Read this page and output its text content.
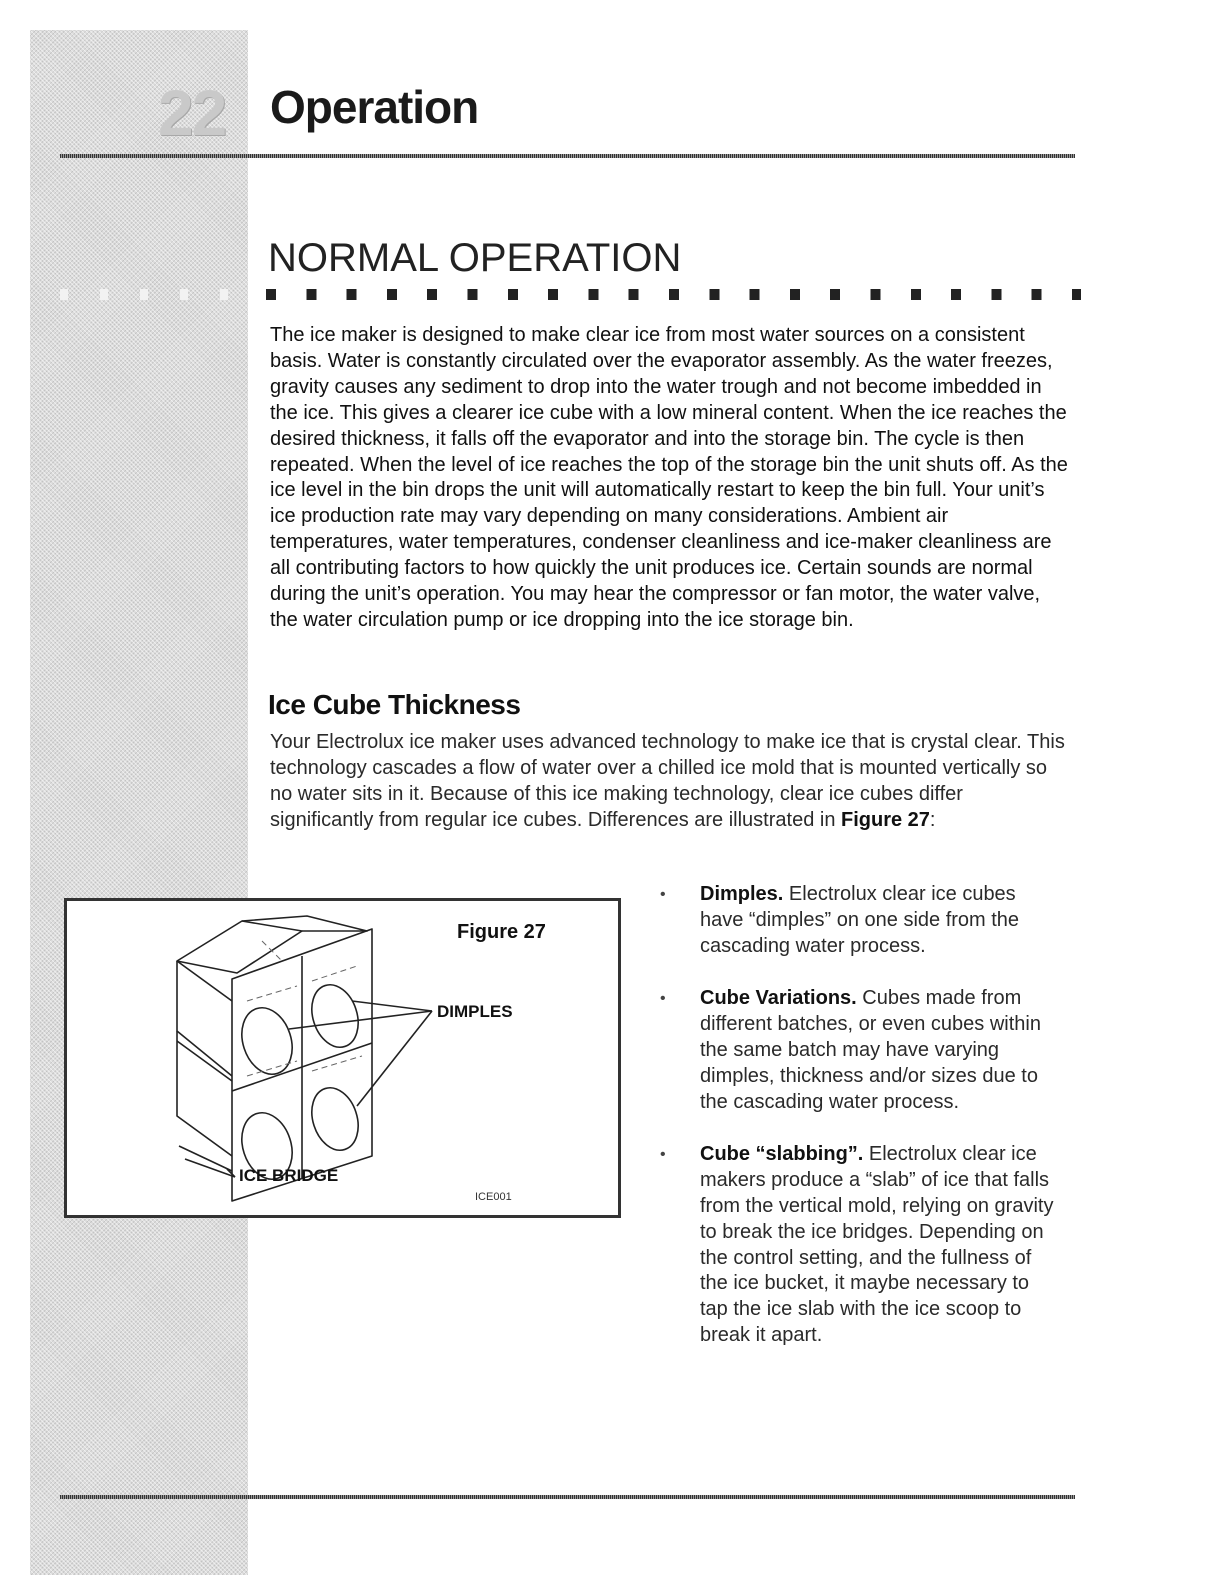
22 Operation
NORMAL OPERATION

The ice maker is designed to make clear ice from most water sources on a consistent basis. Water is constantly circulated over the evaporator assembly. As the water freezes, gravity causes any sediment to drop into the water trough and not become imbedded in the ice. This gives a clearer ice cube with a low mineral content. When the ice reaches the desired thickness, it falls off the evaporator and into the storage bin. The cycle is then repeated. When the level of ice reaches the top of the storage bin the unit shuts off. As the ice level in the bin drops the unit will automatically restart to keep the bin full. Your unit’s ice production rate may vary depending on many considerations. Ambient air temperatures, water temperatures, condenser cleanliness and ice-maker cleanliness are all contributing factors to how quickly the unit produces ice. Certain sounds are normal during the unit’s operation. You may hear the compressor or fan motor, the water valve, the water circulation pump or ice dropping into the ice storage bin.

Ice Cube Thickness

Your Electrolux ice maker uses advanced technology to make ice that is crystal clear. This technology cascades a flow of water over a chilled ice mold that is mounted vertically so no water sits in it. Because of this ice making technology, clear ice cubes differ significantly from regular ice cubes. Differences are illustrated in Figure 27:

Figure 27
DIMPLES
ICE BRIDGE
ICE001
• Dimples. Electrolux clear ice cubes have “dimples” on one side from the cascading water process.
• Cube Variations. Cubes made from different batches, or even cubes within the same batch may have varying dimples, thickness and/or sizes due to the cascading water process.
• Cube “slabbing”. Electrolux clear ice makers produce a “slab” of ice that falls from the vertical mold, relying on gravity to break the ice bridges. Depending on the control setting, and the fullness of the ice bucket, it maybe necessary to tap the ice slab with the ice scoop to break it apart.
